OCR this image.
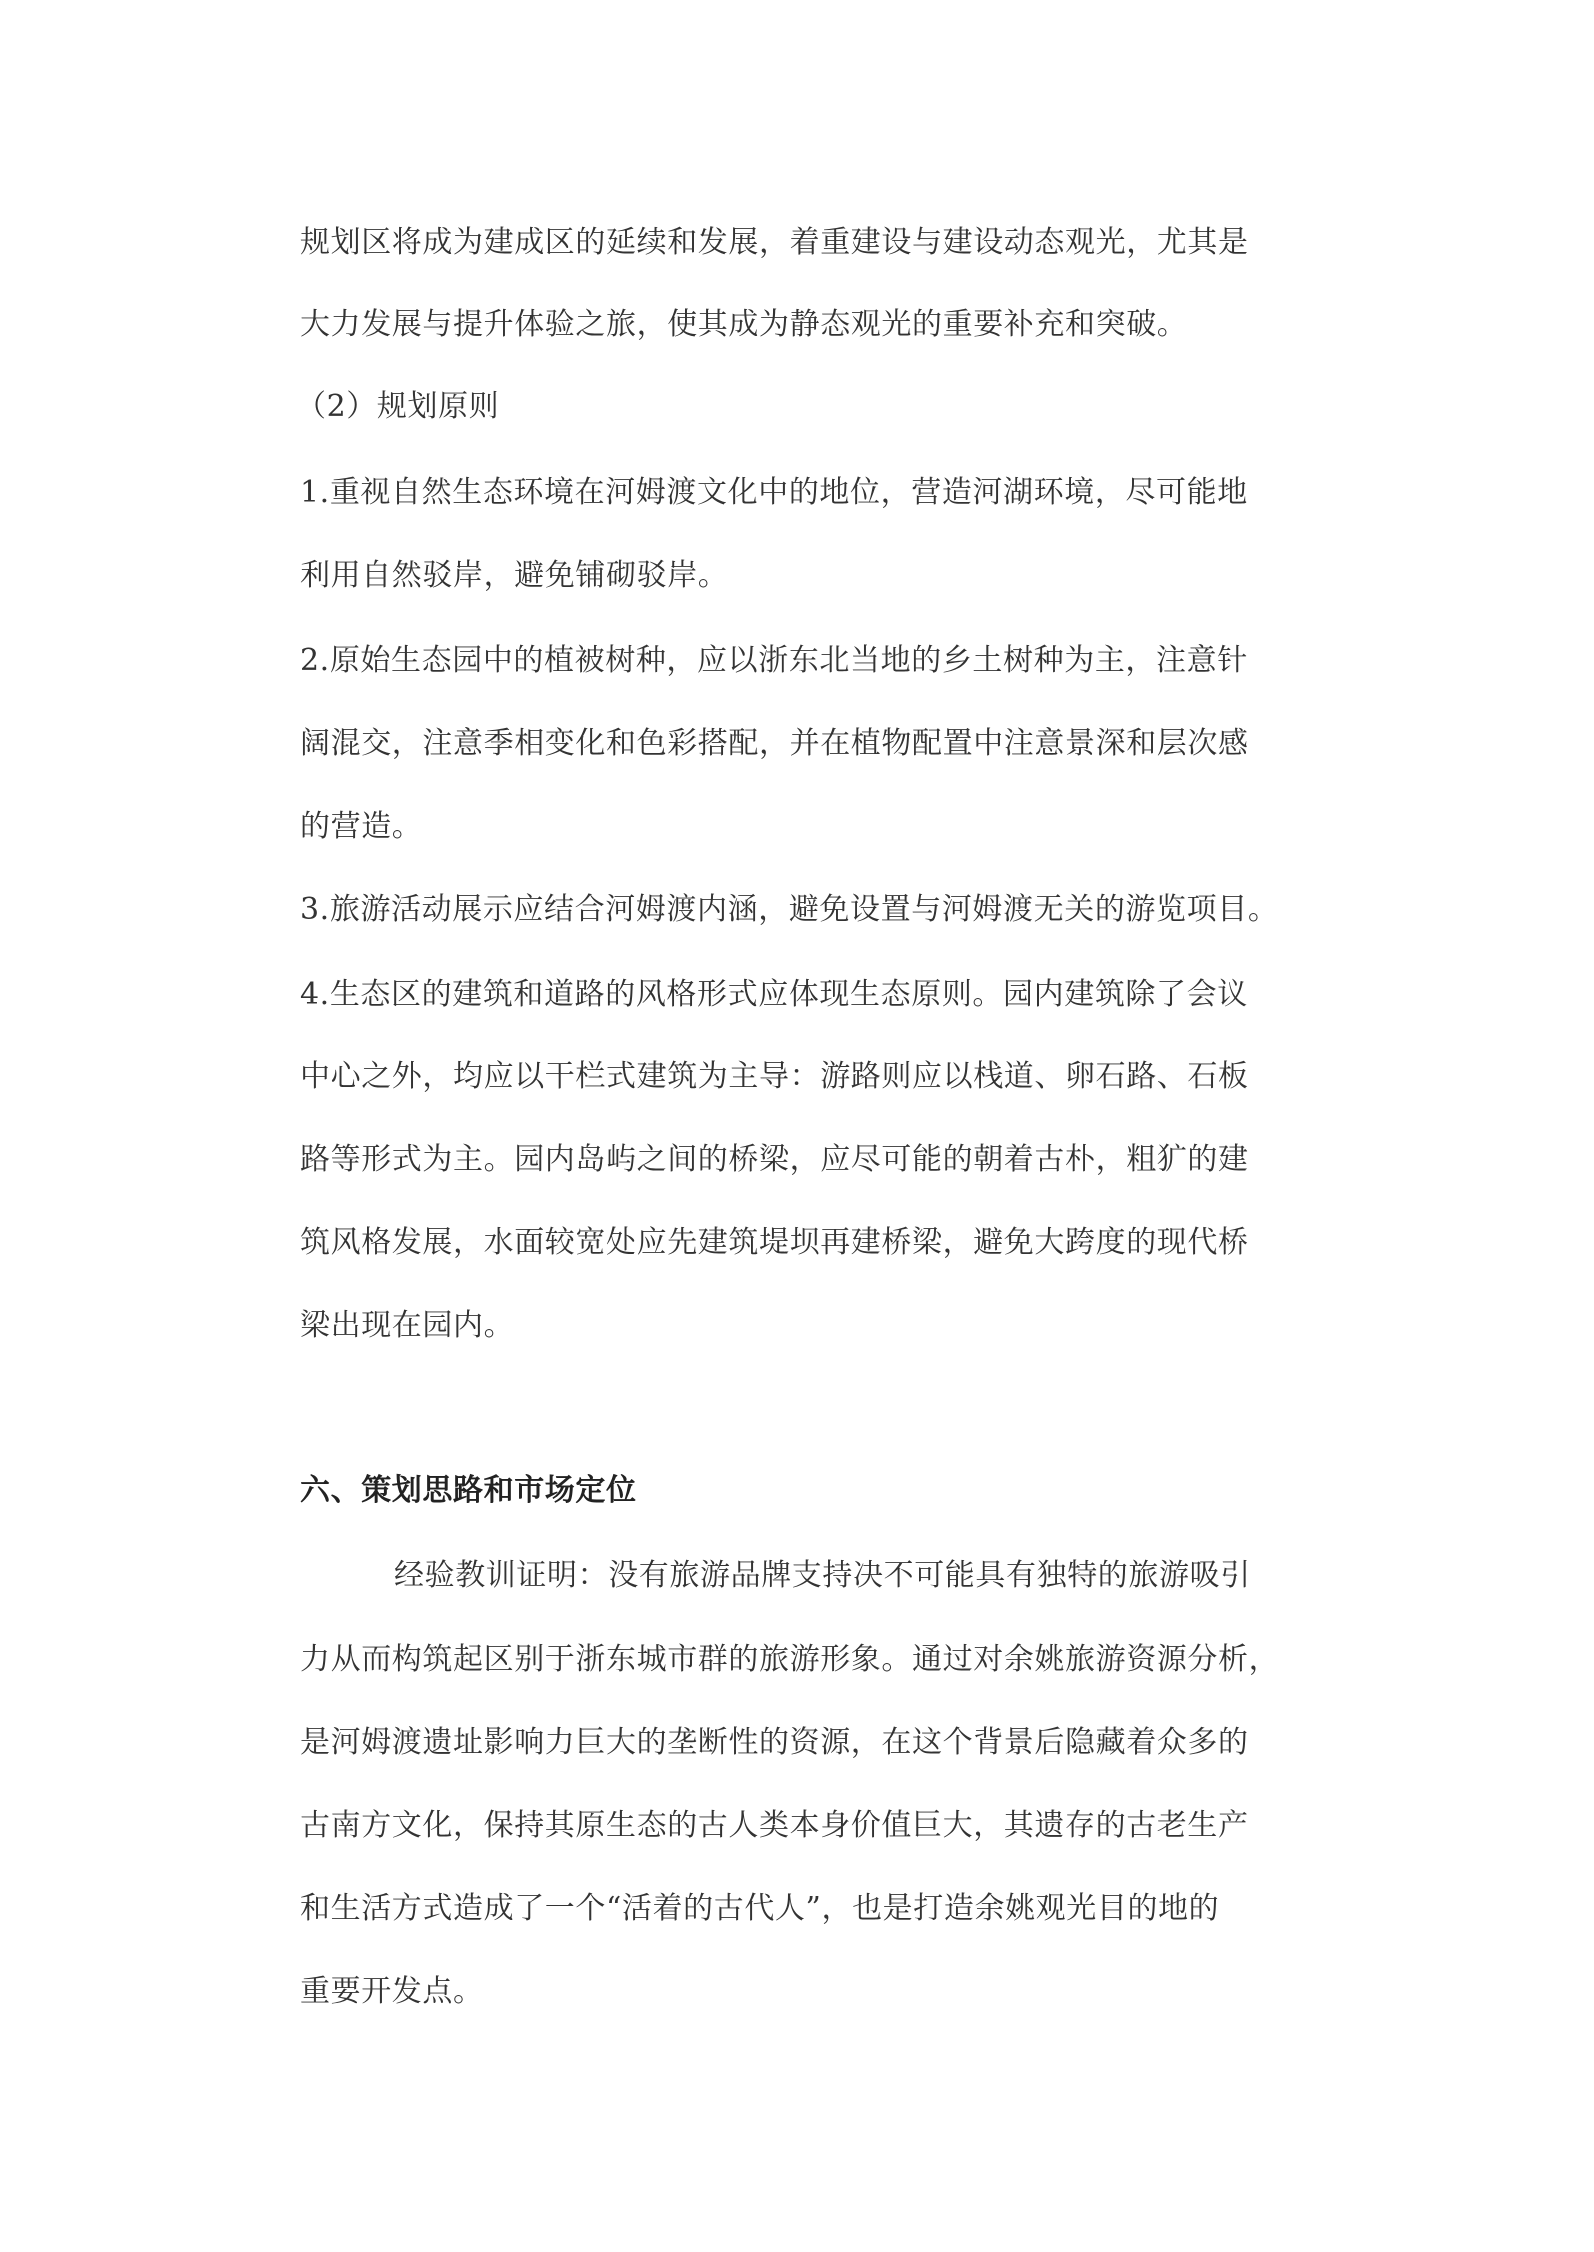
规划区将成为建成区的延续和发展，着重建设与建设动态观光，尤其是
大力发展与提升体验之旅，使其成为静态观光的重要补充和突破。
（2）规划原则
1.重视自然生态环境在河姆渡文化中的地位，营造河湖环境，尽可能地
利用自然驳岸，避免铺砌驳岸。
2.原始生态园中的植被树种，应以浙东北当地的乡土树种为主，注意针
阔混交，注意季相变化和色彩搭配，并在植物配置中注意景深和层次感
的营造。
3.旅游活动展示应结合河姆渡内涵，避免设置与河姆渡无关的游览项目。
4.生态区的建筑和道路的风格形式应体现生态原则。园内建筑除了会议
中心之外，均应以干栏式建筑为主导：游路则应以栈道、卵石路、石板
路等形式为主。园内岛屿之间的桥梁，应尽可能的朝着古朴，粗犷的建
筑风格发展，水面较宽处应先建筑堤坝再建桥梁，避免大跨度的现代桥
梁出现在园内。
六、策划思路和市场定位
经验教训证明：没有旅游品牌支持决不可能具有独特的旅游吸引
力从而构筑起区别于浙东城市群的旅游形象。通过对余姚旅游资源分析，
是河姆渡遗址影响力巨大的垄断性的资源，在这个背景后隐藏着众多的
古南方文化，保持其原生态的古人类本身价值巨大，其遗存的古老生产
和生活方式造成了一个“活着的古代人”，也是打造余姚观光目的地的
重要开发点。
